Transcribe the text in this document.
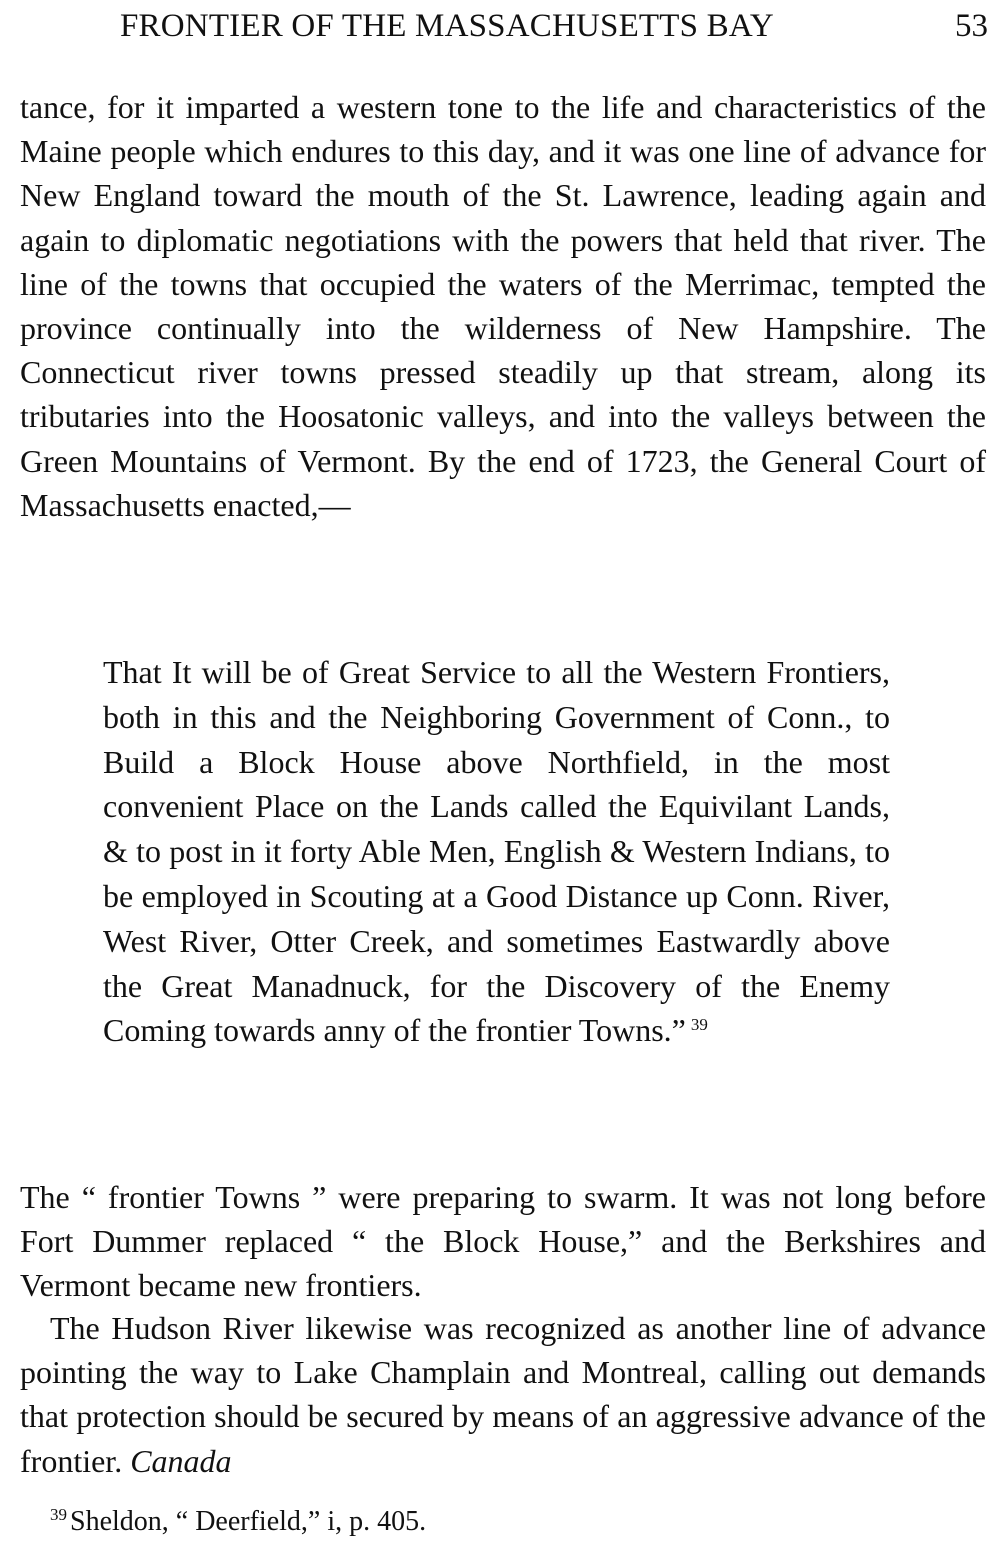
FRONTIER OF THE MASSACHUSETTS BAY	53

tance, for it imparted a western tone to the life and characteristics of the Maine people which endures to this day, and it was one line of advance for New England toward the mouth of the St. Lawrence, leading again and again to diplomatic negotiations with the powers that held that river. The line of the towns that occupied the waters of the Merrimac, tempted the province continually into the wilderness of New Hampshire. The Connecticut river towns pressed steadily up that stream, along its tributaries into the Hoosatonic valleys, and into the valleys between the Green Mountains of Vermont. By the end of 1723, the General Court of Massachusetts enacted,—

That It will be of Great Service to all the Western Frontiers, both in this and the Neighboring Government of Conn., to Build a Block House above Northfield, in the most convenient Place on the Lands called the Equivilant Lands, & to post in it forty Able Men, English & Western Indians, to be employed in Scouting at a Good Distance up Conn. River, West River, Otter Creek, and sometimes Eastwardly above the Great Manadnuck, for the Discovery of the Enemy Coming towards anny of the frontier Towns.” $^{39}$

The “ frontier Towns ” were preparing to swarm. It was not long before Fort Dummer replaced “ the Block House,” and the Berkshires and Vermont became new frontiers.

The Hudson River likewise was recognized as another line of advance pointing the way to Lake Champlain and Montreal, calling out demands that protection should be secured by means of an aggressive advance of the frontier. Canada

$^{39}$ Sheldon, “ Deerfield,” i, p. 405.
